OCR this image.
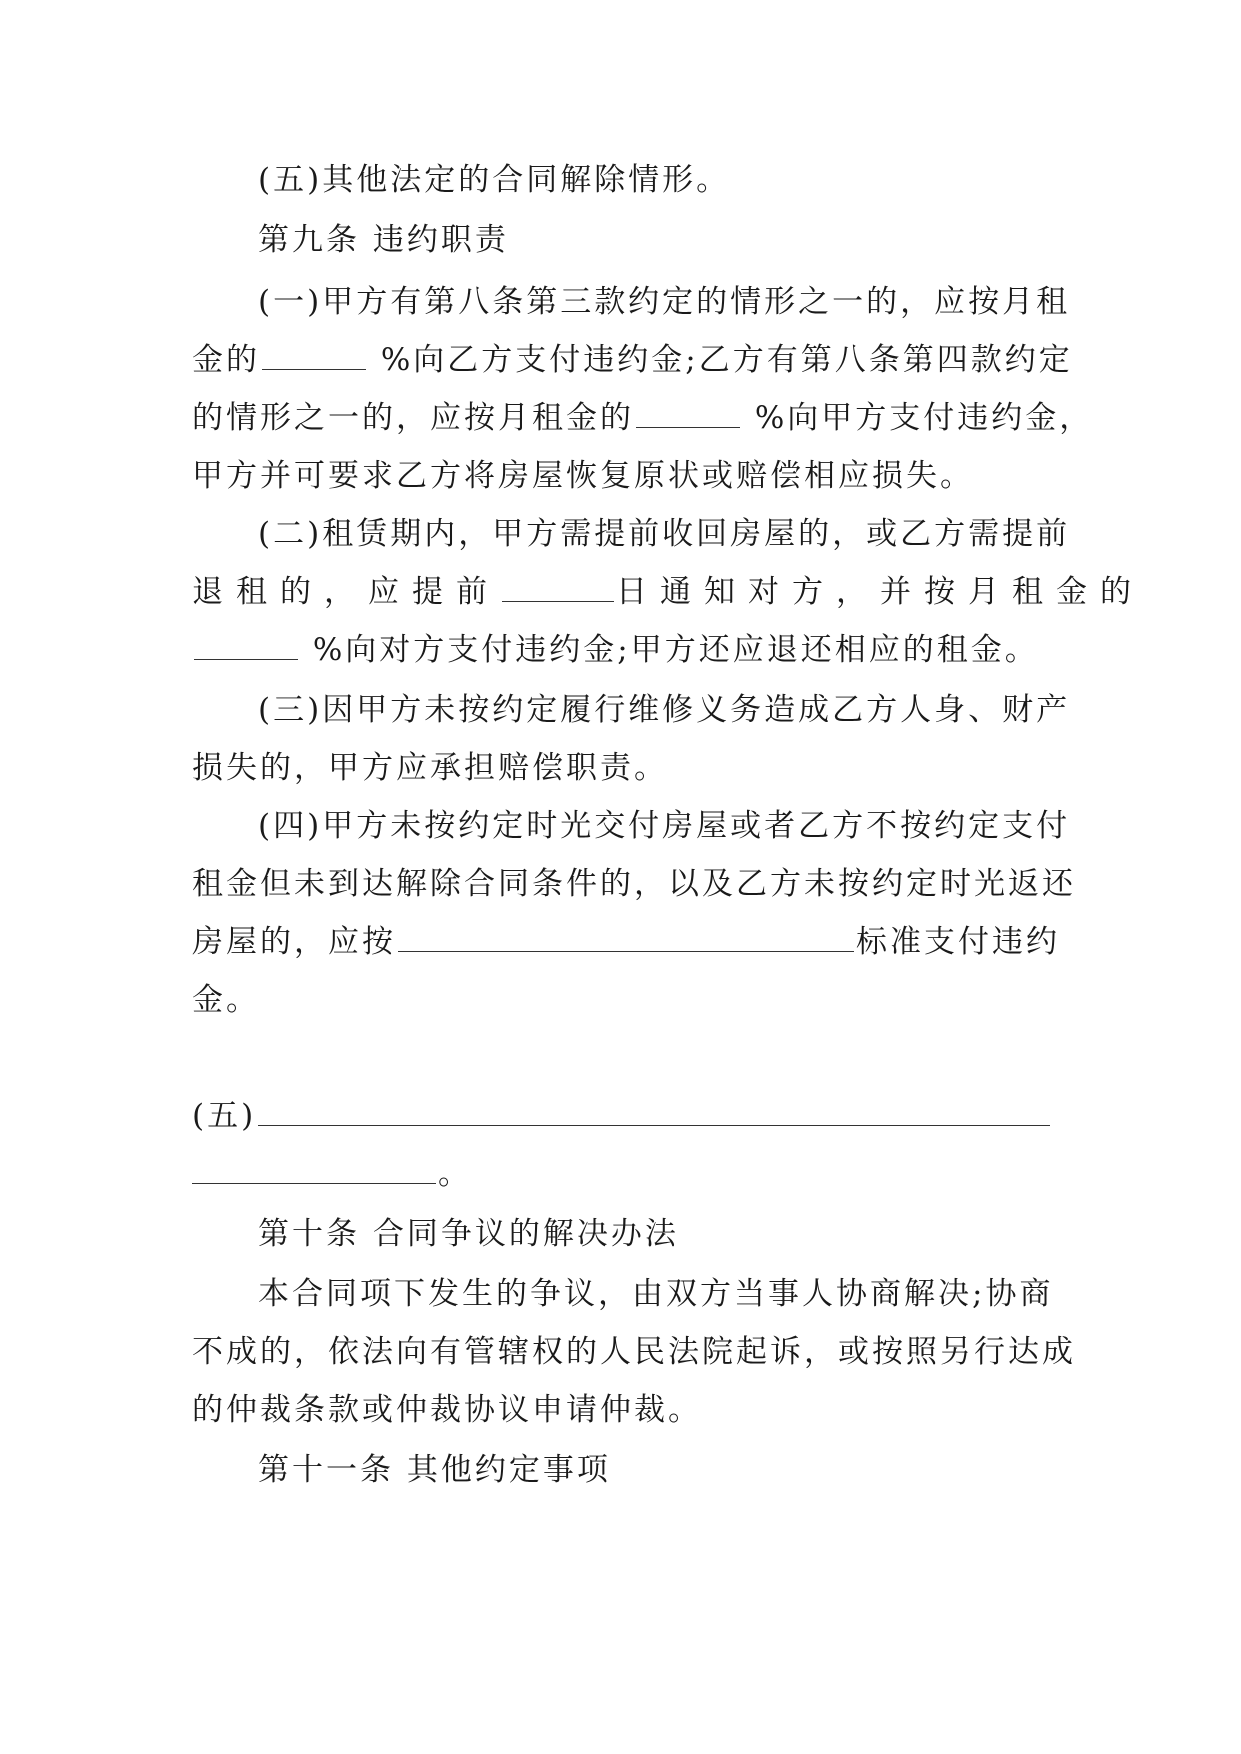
(五)其他法定的合同解除情形。
第九条 违约职责
(一)甲方有第八条第三款约定的情形之一的，应按月租
金的	%向乙方支付违约金;乙方有第八条第四款约定
的情形之一的，应按月租金的	%向甲方支付违约金，
甲方并可要求乙方将房屋恢复原状或赔偿相应损失。
(二)租赁期内，甲方需提前收回房屋的，或乙方需提前
退租的，应提前	日通知对方，并按月租金的
%向对方支付违约金;甲方还应退还相应的租金。
(三)因甲方未按约定履行维修义务造成乙方人身、财产
损失的，甲方应承担赔偿职责。
(四)甲方未按约定时光交付房屋或者乙方不按约定支付
租金但未到达解除合同条件的，以及乙方未按约定时光返还
房屋的，应按	标准支付违约
金。
(五)
。
第十条 合同争议的解决办法
本合同项下发生的争议，由双方当事人协商解决;协商
不成的，依法向有管辖权的人民法院起诉，或按照另行达成
的仲裁条款或仲裁协议申请仲裁。
第十一条 其他约定事项
